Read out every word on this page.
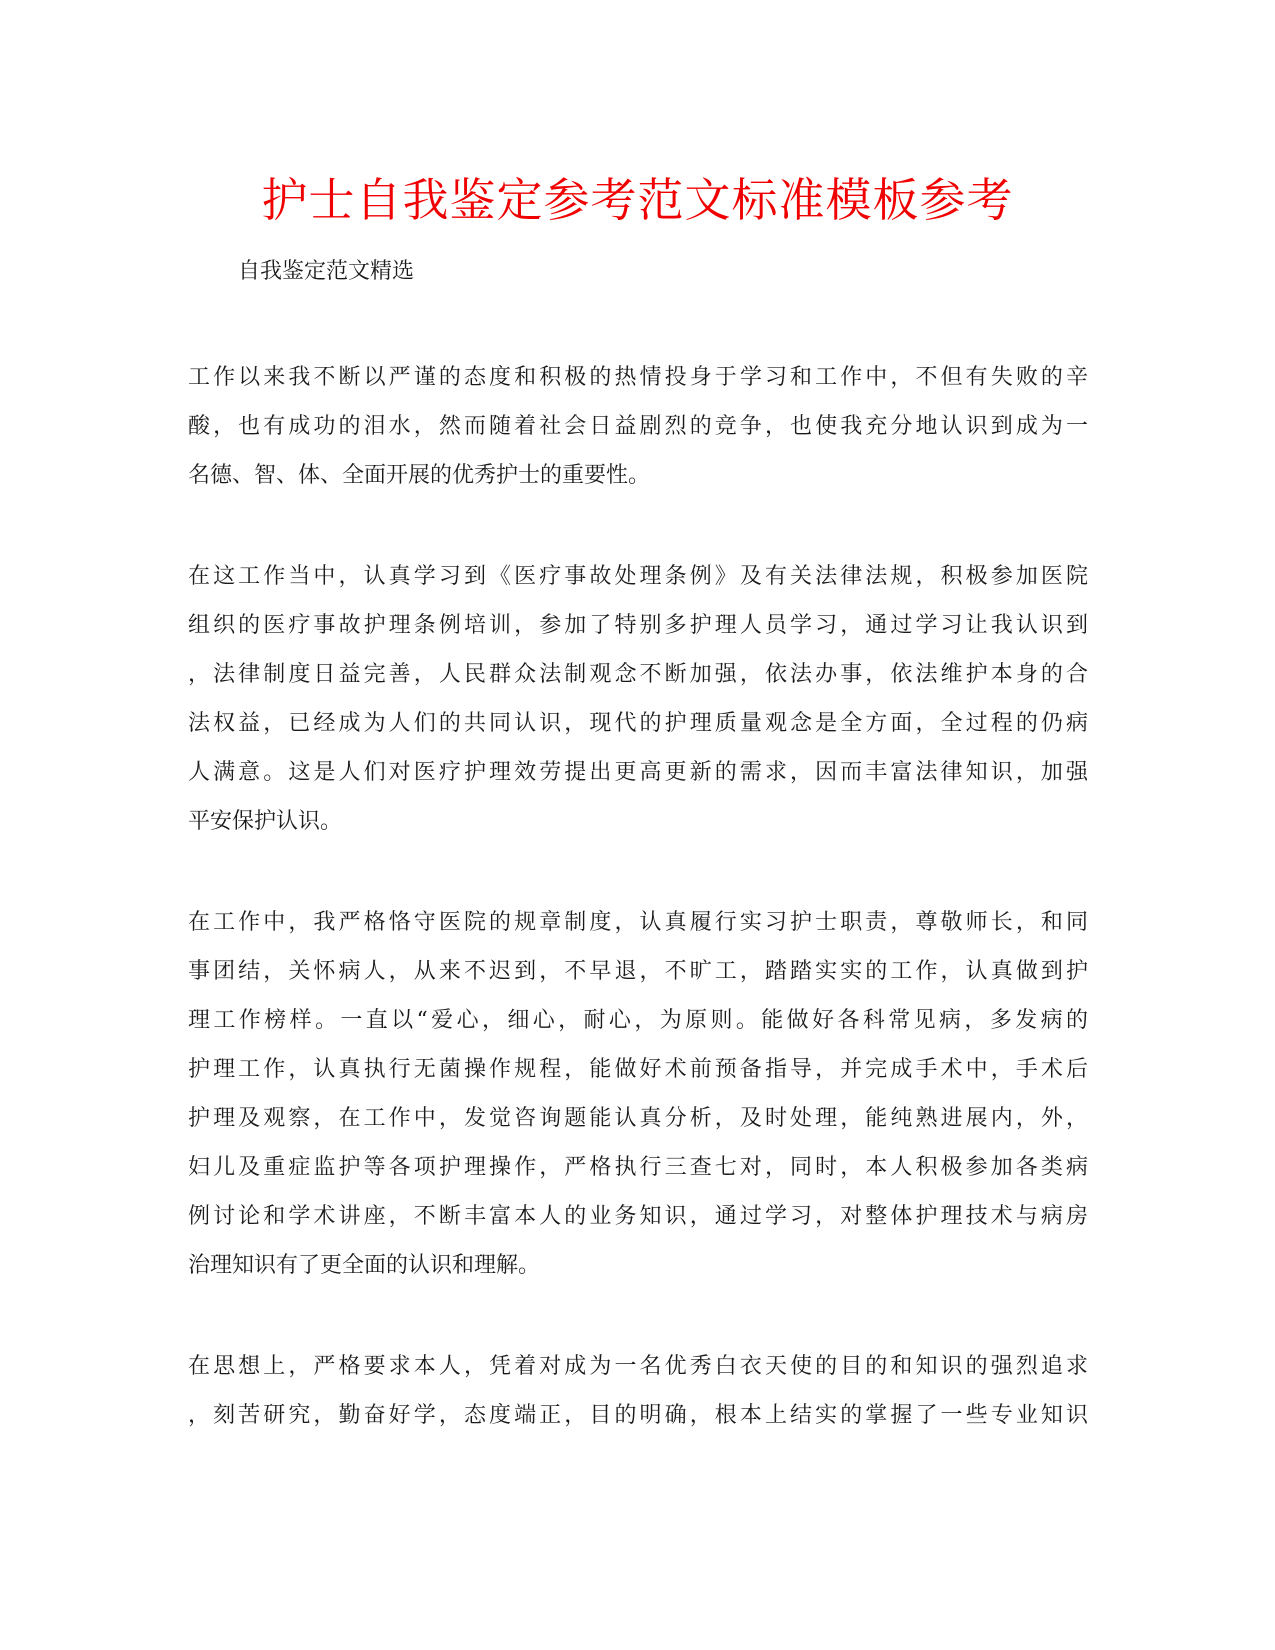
护士自我鉴定参考范文标准模板参考
自我鉴定范文精选
工作以来我不断以严谨的态度和积极的热情投身于学习和工作中，不但有失败的辛
酸，也有成功的泪水，然而随着社会日益剧烈的竞争，也使我充分地认识到成为一
名德、智、体、全面开展的优秀护士的重要性。
在这工作当中，认真学习到《医疗事故处理条例》及有关法律法规，积极参加医院
组织的医疗事故护理条例培训，参加了特别多护理人员学习，通过学习让我认识到
，法律制度日益完善，人民群众法制观念不断加强，依法办事，依法维护本身的合
法权益，已经成为人们的共同认识，现代的护理质量观念是全方面，全过程的仍病
人满意。这是人们对医疗护理效劳提出更高更新的需求，因而丰富法律知识，加强
平安保护认识。
在工作中，我严格恪守医院的规章制度，认真履行实习护士职责，尊敬师长，和同
事团结，关怀病人，从来不迟到，不早退，不旷工，踏踏实实的工作，认真做到护
理工作榜样。一直以“爱心，细心，耐心，为原则。能做好各科常见病，多发病的
护理工作，认真执行无菌操作规程，能做好术前预备指导，并完成手术中，手术后
护理及观察，在工作中，发觉咨询题能认真分析，及时处理，能纯熟进展内，外，
妇儿及重症监护等各项护理操作，严格执行三查七对，同时，本人积极参加各类病
例讨论和学术讲座，不断丰富本人的业务知识，通过学习，对整体护理技术与病房
治理知识有了更全面的认识和理解。
在思想上，严格要求本人，凭着对成为一名优秀白衣天使的目的和知识的强烈追求
，刻苦研究，勤奋好学，态度端正，目的明确，根本上结实的掌握了一些专业知识
